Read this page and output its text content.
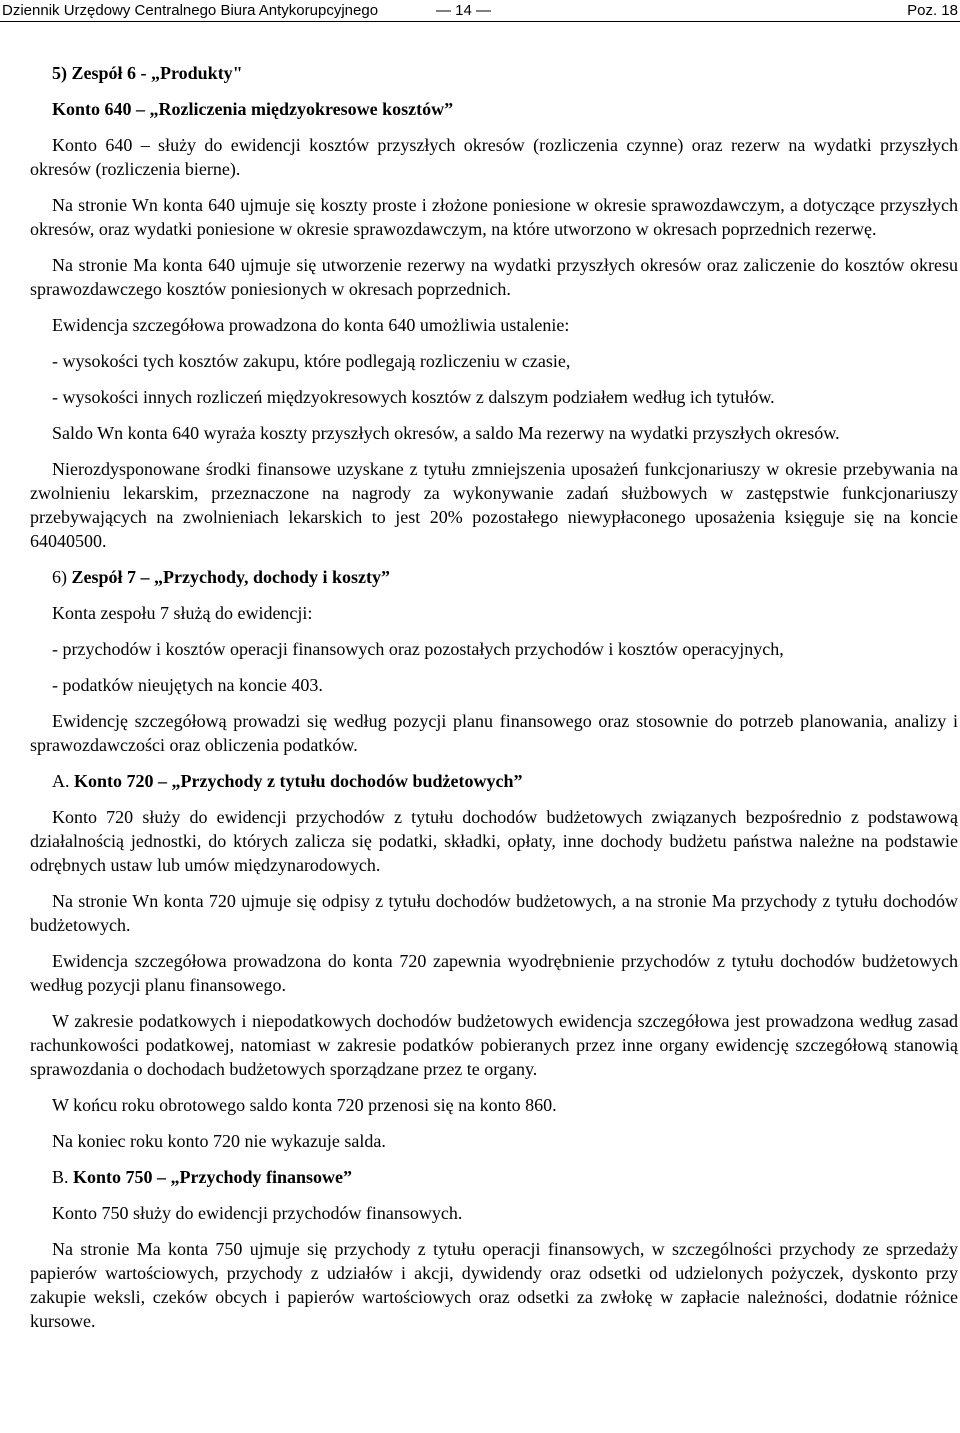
Dziennik Urzędowy Centralnego Biura Antykorupcyjnego	— 14 —	Poz. 18

5) Zespół 6 - „Produkty"

Konto 640 – „Rozliczenia międzyokresowe kosztów”

Konto 640 – służy do ewidencji kosztów przyszłych okresów (rozliczenia czynne) oraz rezerw na wydatki przyszłych okresów (rozliczenia bierne).

Na stronie Wn konta 640 ujmuje się koszty proste i złożone poniesione w okresie sprawozdawczym, a dotyczące przyszłych okresów, oraz wydatki poniesione w okresie sprawozdawczym, na które utworzono w okresach poprzednich rezerwę.

Na stronie Ma konta 640 ujmuje się utworzenie rezerwy na wydatki przyszłych okresów oraz zaliczenie do kosztów okresu sprawozdawczego kosztów poniesionych w okresach poprzednich.

Ewidencja szczegółowa prowadzona do konta 640 umożliwia ustalenie:

- wysokości tych kosztów zakupu, które podlegają rozliczeniu w czasie,

- wysokości innych rozliczeń międzyokresowych kosztów z dalszym podziałem według ich tytułów.

Saldo Wn konta 640 wyraża koszty przyszłych okresów, a saldo Ma rezerwy na wydatki przyszłych okresów.

Nierozdysponowane środki finansowe uzyskane z tytułu zmniejszenia uposażeń funkcjonariuszy w okresie przebywania na zwolnieniu lekarskim, przeznaczone na nagrody za wykonywanie zadań służbowych w zastępstwie funkcjonariuszy przebywających na zwolnieniach lekarskich to jest 20% pozostałego niewypłaconego uposażenia księguje się na koncie 64040500.

6) Zespół 7 – „Przychody, dochody i koszty”

Konta zespołu 7 służą do ewidencji:

- przychodów i kosztów operacji finansowych oraz pozostałych przychodów i kosztów operacyjnych,

- podatków nieujętych na koncie 403.

Ewidencję szczegółową prowadzi się według pozycji planu finansowego oraz stosownie do potrzeb planowania, analizy i sprawozdawczości oraz obliczenia podatków.

A. Konto 720 – „Przychody z tytułu dochodów budżetowych”

Konto 720 służy do ewidencji przychodów z tytułu dochodów budżetowych związanych bezpośrednio z podstawową działalnością jednostki, do których zalicza się podatki, składki, opłaty, inne dochody budżetu państwa należne na podstawie odrębnych ustaw lub umów międzynarodowych.

Na stronie Wn konta 720 ujmuje się odpisy z tytułu dochodów budżetowych, a na stronie Ma przychody z tytułu dochodów budżetowych.

Ewidencja szczegółowa prowadzona do konta 720 zapewnia wyodrębnienie przychodów z tytułu dochodów budżetowych według pozycji planu finansowego.

W zakresie podatkowych i niepodatkowych dochodów budżetowych ewidencja szczegółowa jest prowadzona według zasad rachunkowości podatkowej, natomiast w zakresie podatków pobieranych przez inne organy ewidencję szczegółową stanowią sprawozdania o dochodach budżetowych sporządzane przez te organy.

W końcu roku obrotowego saldo konta 720 przenosi się na konto 860.

Na koniec roku konto 720 nie wykazuje salda.

B. Konto 750 – „Przychody finansowe”

Konto 750 służy do ewidencji przychodów finansowych.

Na stronie Ma konta 750 ujmuje się przychody z tytułu operacji finansowych, w szczególności przychody ze sprzedaży papierów wartościowych, przychody z udziałów i akcji, dywidendy oraz odsetki od udzielonych pożyczek, dyskonto przy zakupie weksli, czeków obcych i papierów wartościowych oraz odsetki za zwłokę w zapłacie należności, dodatnie różnice kursowe.
